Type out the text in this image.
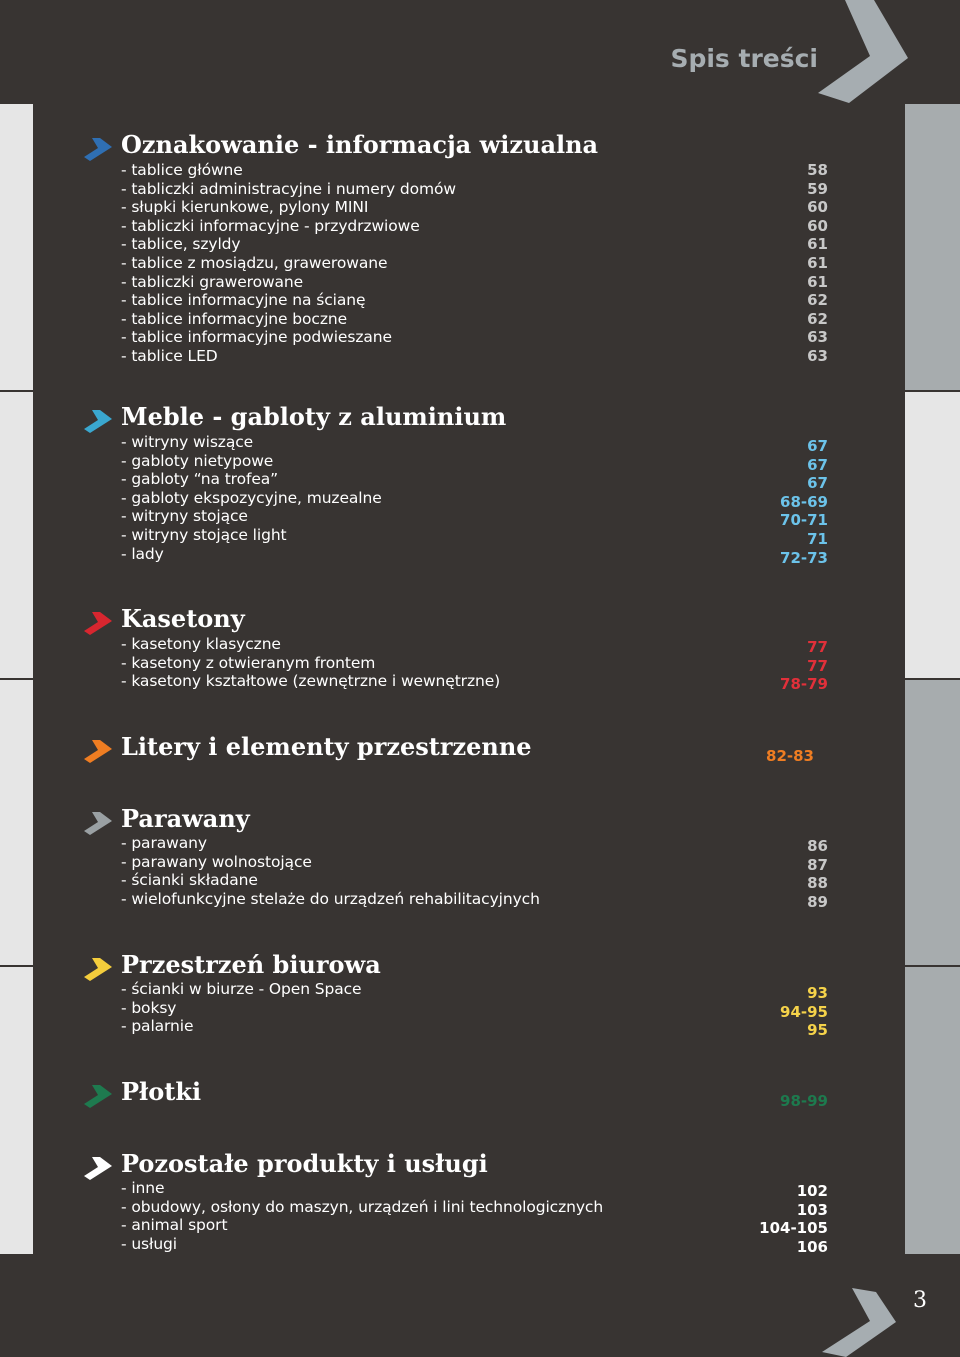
Spis treści
Oznakowanie - informacja wizualna
- tablice główne
- tabliczki administracyjne i numery domów
- słupki kierunkowe, pylony MINI
- tabliczki informacyjne - przydrzwiowe
- tablice, szyldy
- tablice z mosiądzu, grawerowane
- tabliczki grawerowane
- tablice informacyjne na ścianę
- tablice informacyjne boczne
- tablice informacyjne podwieszane
- tablice LED
58
59
60
60
61
61
61
62
62
63
63
Meble - gabloty z aluminium
- witryny wiszące
- gabloty nietypowe
- gabloty “na trofea”
- gabloty ekspozycyjne, muzealne
- witryny stojące
- witryny stojące light
- lady
67
67
67
68-69
70-71
71
72-73
Kasetony
- kasetony klasyczne
- kasetony z otwieranym frontem
- kasetony kształtowe (zewnętrzne i wewnętrzne)
77
77
78-79
Litery i elementy przestrzenne	82-83
Parawany
- parawany
- parawany wolnostojące
- ścianki składane
- wielofunkcyjne stelaże do urządzeń rehabilitacyjnych
86
87
88
89
Przestrzeń biurowa
- ścianki w biurze - Open Space
- boksy
- palarnie
93
94-95
95
Płotki	98-99
Pozostałe produkty i usługi
- inne
- obudowy, osłony do maszyn, urządzeń i lini technologicznych
- animal sport
- usługi
102
103
104-105
106
3
